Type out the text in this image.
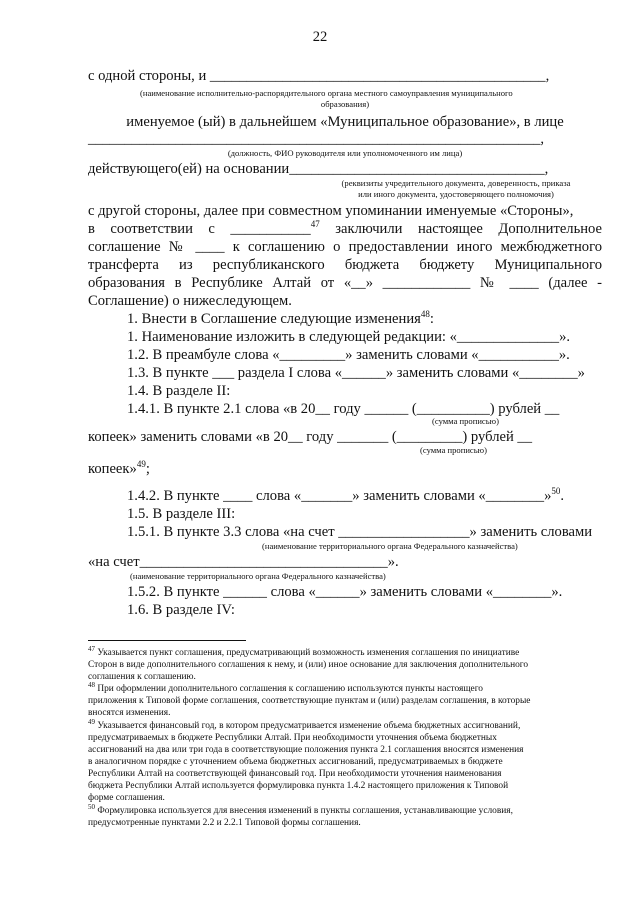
22
с одной стороны, и ______________________________________________,
(наименование исполнительно-распорядительного органа местного самоуправления муниципального
образования)
именуемое (ый) в дальнейшем «Муниципальное образование», в лице
______________________________________________________________,
(должность, ФИО руководителя или уполномоченного им лица)
действующего(ей) на основании___________________________________,
(реквизиты учредительного документа, доверенность, приказа
или иного документа, удостоверяющего полномочия)
с другой стороны, далее при совместном упоминании именуемые «Стороны»,
в соответствии с ___________$^{47}$ заключили настоящее Дополнительное
соглашение № ____ к соглашению о предоставлении иного межбюджетного
трансферта из республиканского бюджета бюджету Муниципального
образования в Республике Алтай от «__» ____________ № ____ (далее -
Соглашение) о нижеследующем.
1. Внести в Соглашение следующие изменения$^{48}$:
1. Наименование изложить в следующей редакции: «______________».
1.2. В преамбуле слова «_________» заменить словами «___________».
1.3. В пункте ___ раздела I слова «______» заменить словами «________»
1.4. В разделе II:
1.4.1. В пункте 2.1 слова «в 20__ году ______ (__________) рублей __
(сумма прописью)
копеек» заменить словами «в 20__ году _______ (_________) рублей __
(сумма прописью)
копеек»$^{49}$;
1.4.2. В пункте ____ слова «_______» заменить словами «________»$^{50}$.
1.5. В разделе III:
1.5.1. В пункте 3.3 слова «на счет __________________» заменить словами
(наименование территориального органа Федерального казначейства)
«на счет__________________________________».
(наименование территориального органа Федерального казначейства)
1.5.2. В пункте ______ слова «______» заменить словами «________».
1.6. В разделе IV:
$^{47}$ Указывается пункт соглашения, предусматривающий возможность изменения соглашения по инициативе
Сторон в виде дополнительного соглашения к нему, и (или) иное основание для заключения дополнительного
соглашения к соглашению.
$^{48}$ При оформлении дополнительного соглашения к соглашению используются пункты настоящего
приложения к Типовой форме соглашения, соответствующие пунктам и (или) разделам соглашения, в которые
вносятся изменения.
$^{49}$ Указывается финансовый год, в котором предусматривается изменение объема бюджетных ассигнований,
предусматриваемых в бюджете Республики Алтай. При необходимости уточнения объема бюджетных
ассигнований на два или три года в соответствующие положения пункта 2.1 соглашения вносятся изменения
в аналогичном порядке с уточнением объема бюджетных ассигнований, предусматриваемых в бюджете
Республики Алтай на соответствующей финансовый год. При необходимости уточнения наименования
бюджета Республики Алтай используется формулировка пункта 1.4.2 настоящего приложения к Типовой
форме соглашения.
$^{50}$ Формулировка используется для внесения изменений в пункты соглашения, устанавливающие условия,
предусмотренные пунктами 2.2 и 2.2.1 Типовой формы соглашения.
